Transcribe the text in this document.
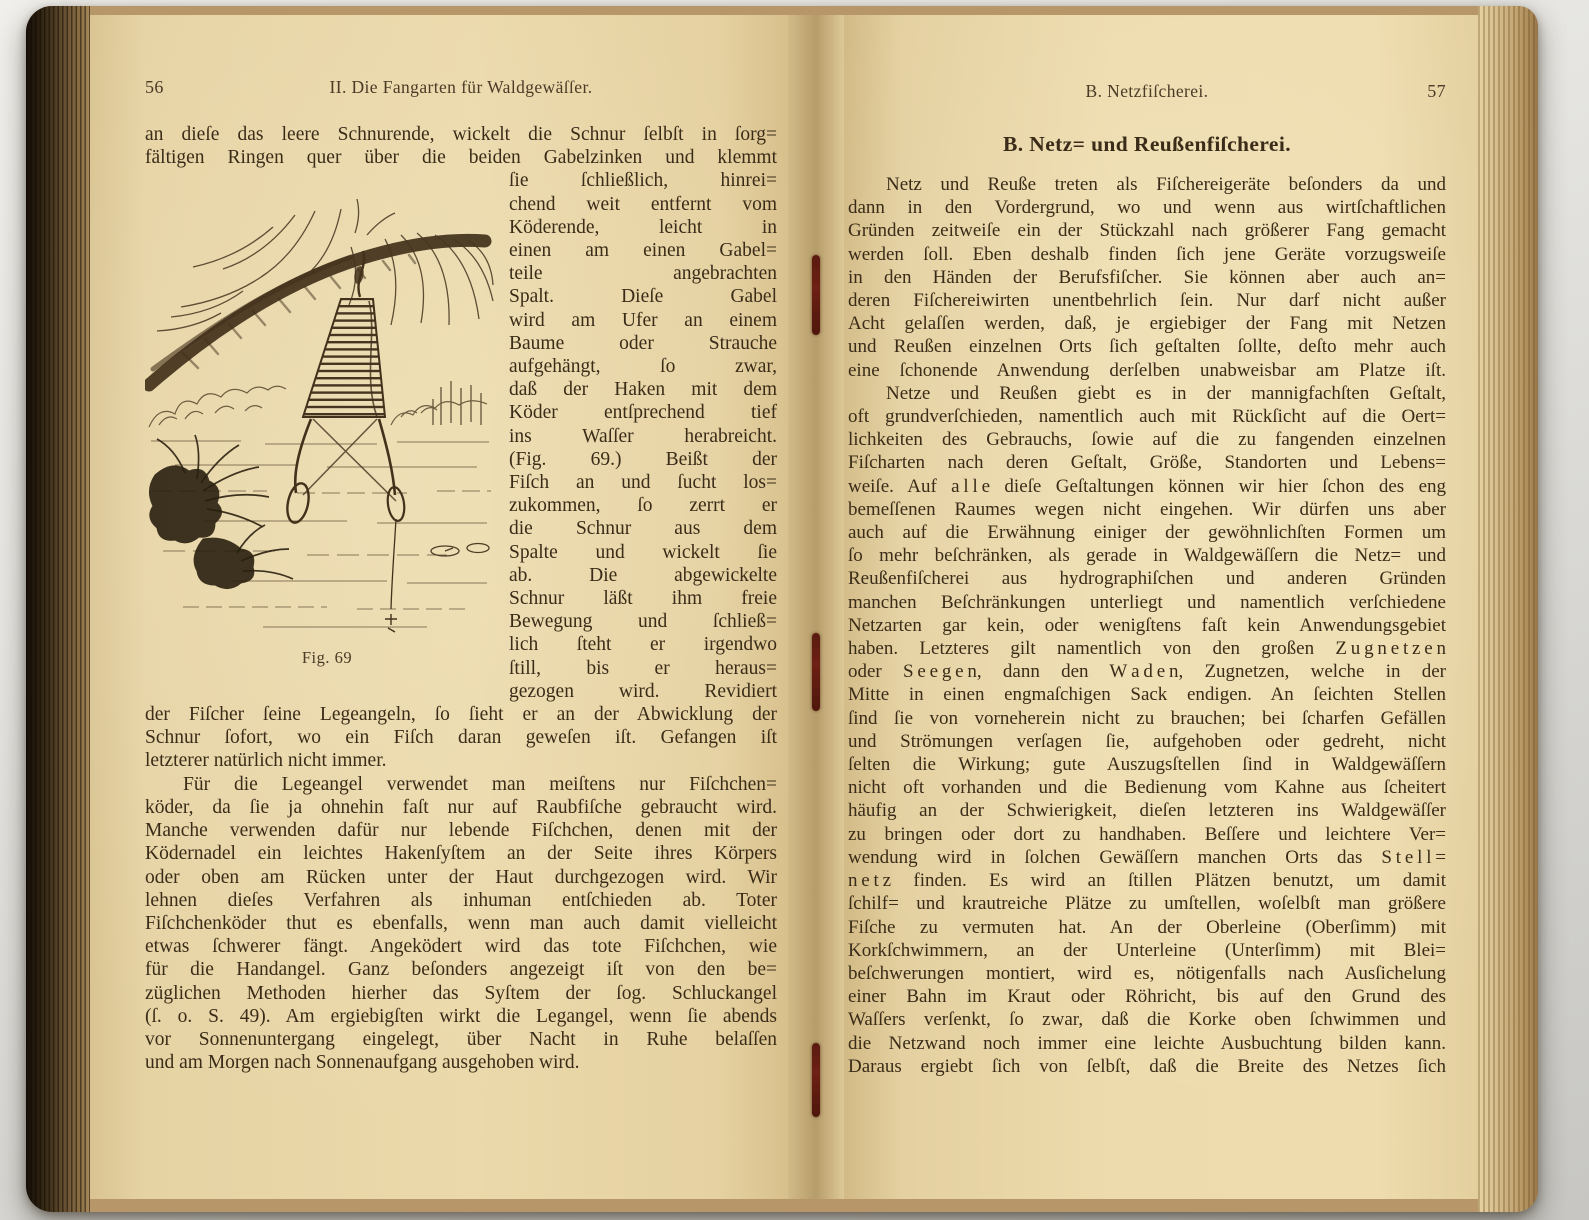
56	II. Die Fangarten für Waldgewäſſer.
an dieſe das leere Schnurende, wickelt die Schnur ſelbſt in ſorg=
fältigen Ringen quer über die beiden Gabelzinken und klemmt
Fig. 69
ſie ſchließlich, hinrei=
chend weit entfernt vom
Köderende, leicht in
einen am einen Gabel=
teile angebrachten
Spalt. Dieſe Gabel
wird am Ufer an einem
Baume oder Strauche
aufgehängt, ſo zwar,
daß der Haken mit dem
Köder entſprechend tief
ins Waſſer herabreicht.
(Fig. 69.) Beißt der
Fiſch an und ſucht los=
zukommen, ſo zerrt er
die Schnur aus dem
Spalte und wickelt ſie
ab. Die abgewickelte
Schnur läßt ihm freie
Bewegung und ſchließ=
lich ſteht er irgendwo
ſtill, bis er heraus=
gezogen wird. Revidiert
der Fiſcher ſeine Legeangeln, ſo ſieht er an der Abwicklung der
Schnur ſofort, wo ein Fiſch daran geweſen iſt. Gefangen iſt
letzterer natürlich nicht immer.
Für die Legeangel verwendet man meiſtens nur Fiſchchen=
köder, da ſie ja ohnehin faſt nur auf Raubfiſche gebraucht wird.
Manche verwenden dafür nur lebende Fiſchchen, denen mit der
Ködernadel ein leichtes Hakenſyſtem an der Seite ihres Körpers
oder oben am Rücken unter der Haut durchgezogen wird. Wir
lehnen dieſes Verfahren als inhuman entſchieden ab. Toter
Fiſchchenköder thut es ebenfalls, wenn man auch damit vielleicht
etwas ſchwerer fängt. Angeködert wird das tote Fiſchchen, wie
für die Handangel. Ganz beſonders angezeigt iſt von den be=
züglichen Methoden hierher das Syſtem der ſog. Schluckangel
(ſ. o. S. 49). Am ergiebigſten wirkt die Legangel, wenn ſie abends
vor Sonnenuntergang eingelegt, über Nacht in Ruhe belaſſen
und am Morgen nach Sonnenaufgang ausgehoben wird.
B. Netzfiſcherei.	57
B. Netz= und Reußenfiſcherei.
Netz und Reuße treten als Fiſchereigeräte beſonders da und
dann in den Vordergrund, wo und wenn aus wirtſchaftlichen
Gründen zeitweiſe ein der Stückzahl nach größerer Fang gemacht
werden ſoll. Eben deshalb finden ſich jene Geräte vorzugsweiſe
in den Händen der Berufsfiſcher. Sie können aber auch an=
deren Fiſchereiwirten unentbehrlich ſein. Nur darf nicht außer
Acht gelaſſen werden, daß, je ergiebiger der Fang mit Netzen
und Reußen einzelnen Orts ſich geſtalten ſollte, deſto mehr auch
eine ſchonende Anwendung derſelben unabweisbar am Platze iſt.
Netze und Reußen giebt es in der mannigfachſten Geſtalt,
oft grundverſchieden, namentlich auch mit Rückſicht auf die Oert=
lichkeiten des Gebrauchs, ſowie auf die zu fangenden einzelnen
Fiſcharten nach deren Geſtalt, Größe, Standorten und Lebens=
weiſe. Auf a l l e dieſe Geſtaltungen können wir hier ſchon des eng
bemeſſenen Raumes wegen nicht eingehen. Wir dürfen uns aber
auch auf die Erwähnung einiger der gewöhnlichſten Formen um
ſo mehr beſchränken, als gerade in Waldgewäſſern die Netz= und
Reußenfiſcherei aus hydrographiſchen und anderen Gründen
manchen Beſchränkungen unterliegt und namentlich verſchiedene
Netzarten gar kein, oder wenigſtens faſt kein Anwendungsgebiet
haben. Letzteres gilt namentlich von den großen Z u g n e t z e n
oder S e e g e n, dann den W a d e n, Zugnetzen, welche in der
Mitte in einen engmaſchigen Sack endigen. An ſeichten Stellen
ſind ſie von vorneherein nicht zu brauchen; bei ſcharfen Gefällen
und Strömungen verſagen ſie, aufgehoben oder gedreht, nicht
ſelten die Wirkung; gute Auszugsſtellen ſind in Waldgewäſſern
nicht oft vorhanden und die Bedienung vom Kahne aus ſcheitert
häufig an der Schwierigkeit, dieſen letzteren ins Waldgewäſſer
zu bringen oder dort zu handhaben. Beſſere und leichtere Ver=
wendung wird in ſolchen Gewäſſern manchen Orts das S t e l l =
n e t z finden. Es wird an ſtillen Plätzen benutzt, um damit
ſchilf= und krautreiche Plätze zu umſtellen, woſelbſt man größere
Fiſche zu vermuten hat. An der Oberleine (Oberſimm) mit
Korkſchwimmern, an der Unterleine (Unterſimm) mit Blei=
beſchwerungen montiert, wird es, nötigenfalls nach Ausſichelung
einer Bahn im Kraut oder Röhricht, bis auf den Grund des
Waſſers verſenkt, ſo zwar, daß die Korke oben ſchwimmen und
die Netzwand noch immer eine leichte Ausbuchtung bilden kann.
Daraus ergiebt ſich von ſelbſt, daß die Breite des Netzes ſich
